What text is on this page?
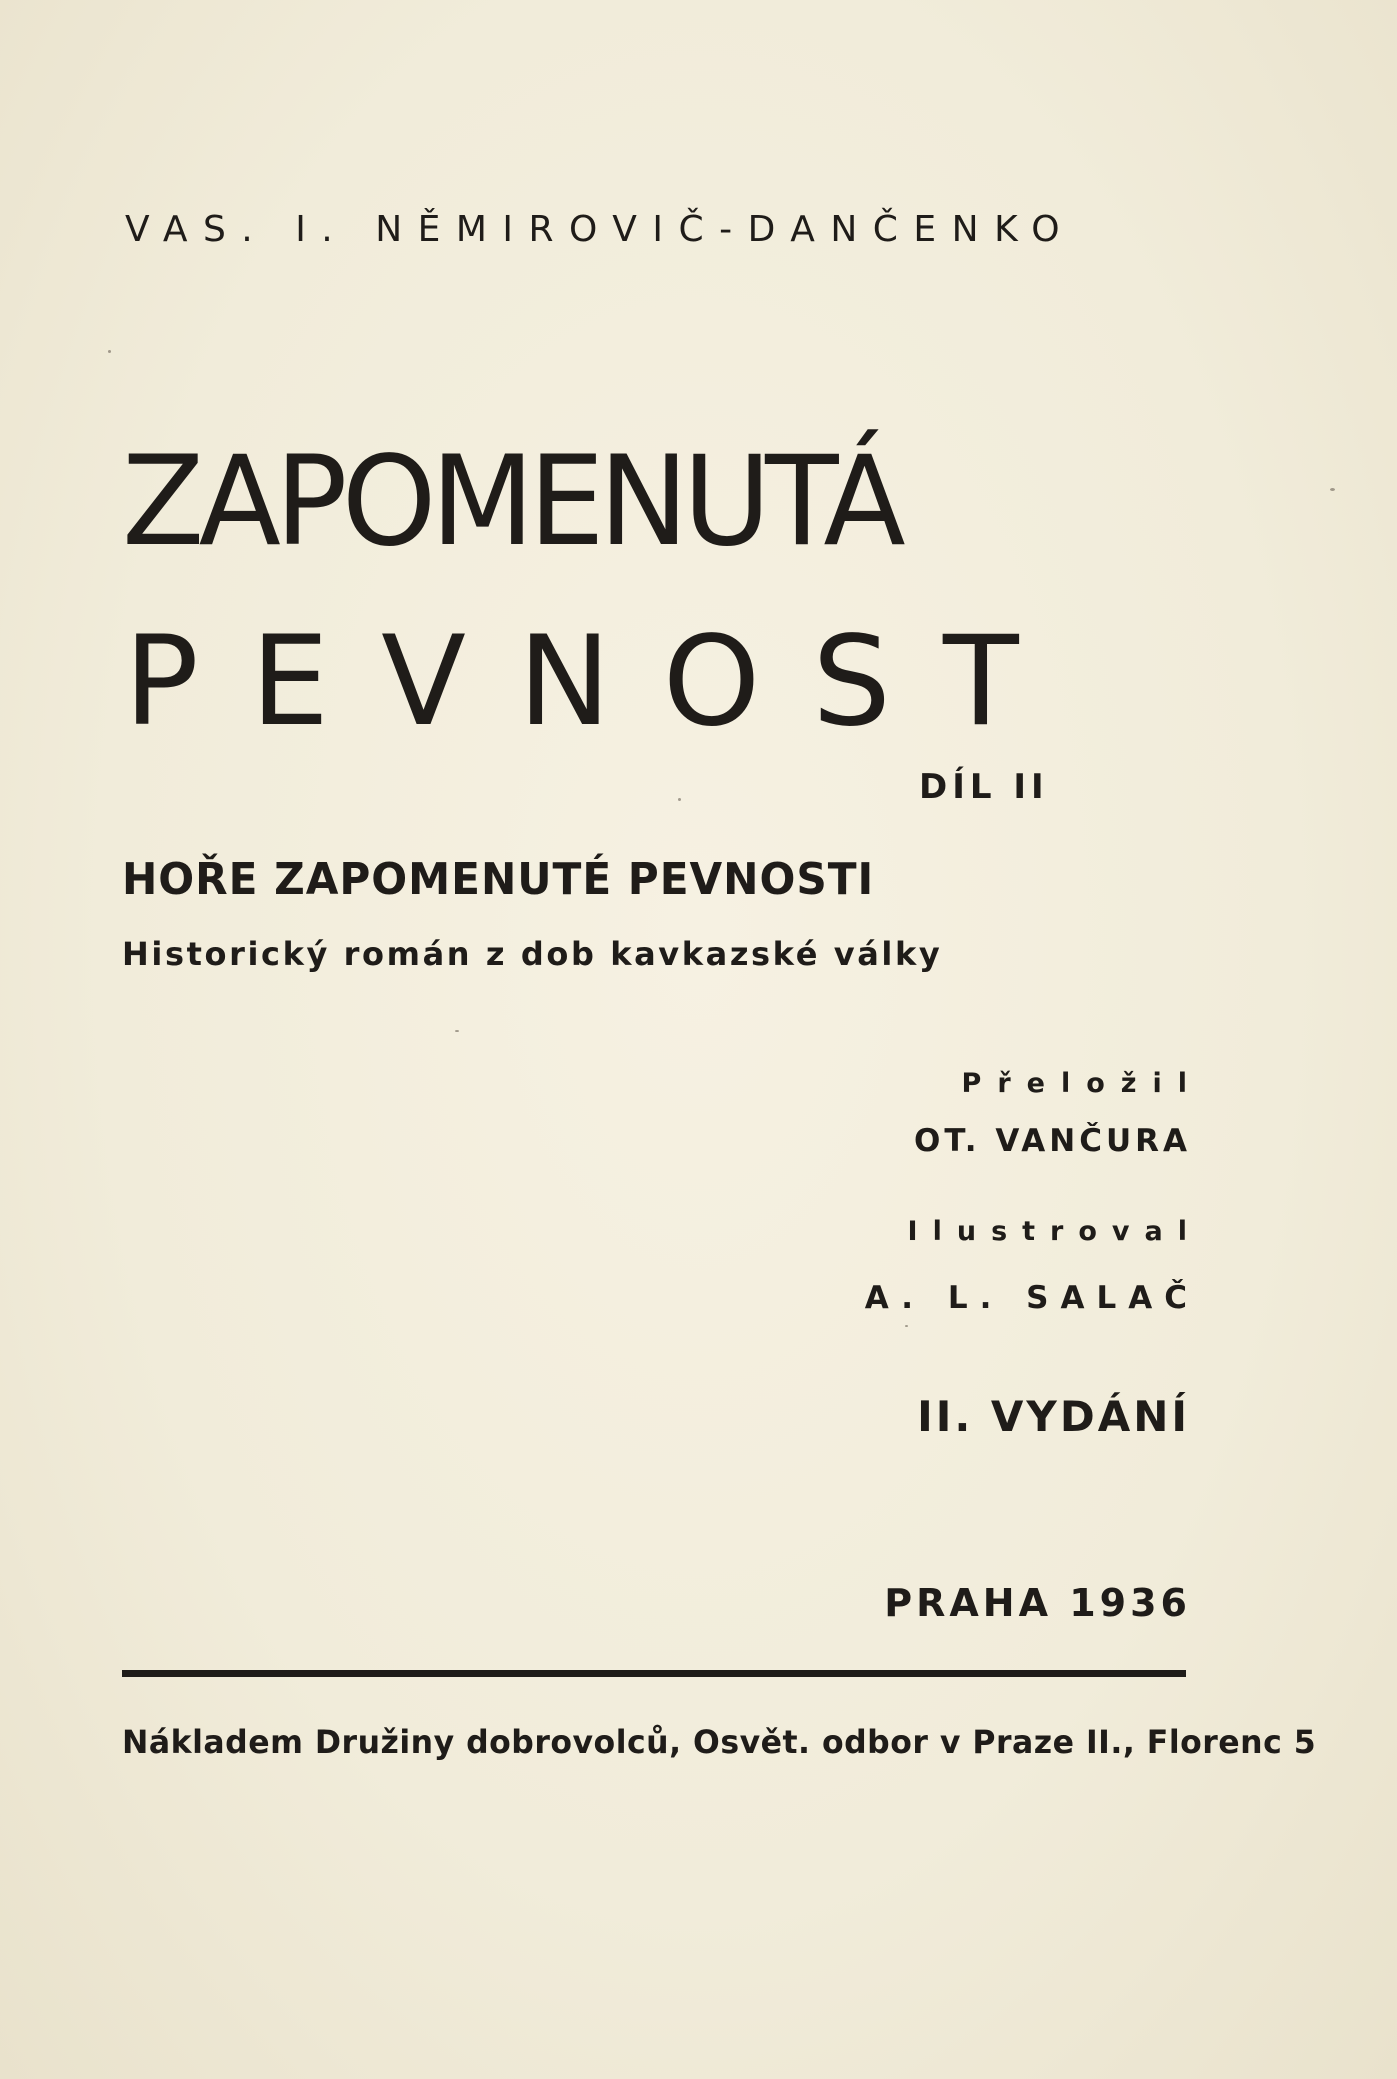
VAS. I. NĚMIROVIČ-DANČENKO
ZAPOMENUTÁ
PEVNOST
DÍL II
HOŘE ZAPOMENUTÉ PEVNOSTI
Historický román z dob kavkazské války
Přeložil
OT. VANČURA
Ilustroval
A. L. SALAČ
II. VYDÁNÍ
PRAHA 1936
Nákladem Družiny dobrovolců, Osvět. odbor v Praze II., Florenc 5
